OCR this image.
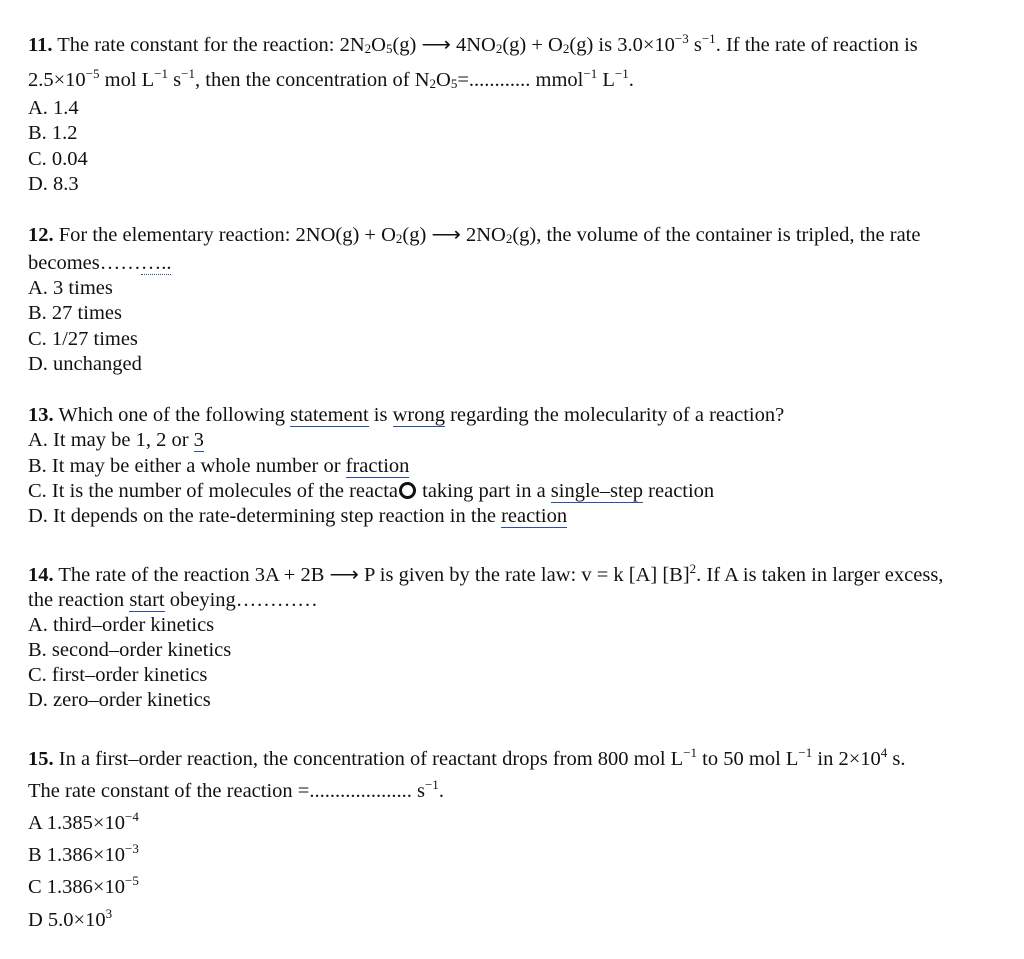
11. The rate constant for the reaction: 2N2O5(g) ⟶ 4NO2(g) + O2(g) is $3.0\times 10^{-3}$ $s^{-1}$. If the rate of reaction is
$2.5\times 10^{-5}$ mol $L^{-1}$ $s^{-1}$, then the concentration of N2O5=............ mmol$^{-1}$ $L^{-1}$.
A. 1.4
B. 1.2
C. 0.04
D. 8.3
12. For the elementary reaction: 2NO(g) + O2(g) ⟶ 2NO2(g), the volume of the container is tripled, the rate
becomes………..
A. 3 times
B. 27 times
C. 1/27 times
D. unchanged
13. Which one of the following statement is wrong regarding the molecularity of a reaction?
A. It may be 1, 2 or 3
B. It may be either a whole number or fraction
C. It is the number of molecules of the reacta○ taking part in a single–step reaction
D. It depends on the rate-determining step reaction in the reaction
14. The rate of the reaction 3A + 2B ⟶ P is given by the rate law: v = k [A] $[B]^2$. If A is taken in larger excess,
the reaction start obeying…………
A. third–order kinetics
B. second–order kinetics
C. first–order kinetics
D. zero–order kinetics
15. In a first–order reaction, the concentration of reactant drops from 800 mol $L^{-1}$ to 50 mol $L^{-1}$ in $2\times 10^4$ s.
The rate constant of the reaction =.................... $s^{-1}$.
A $1.385\times 10^{-4}$
B $1.386\times 10^{-3}$
C $1.386\times 10^{-5}$
D $5.0\times 10^3$
